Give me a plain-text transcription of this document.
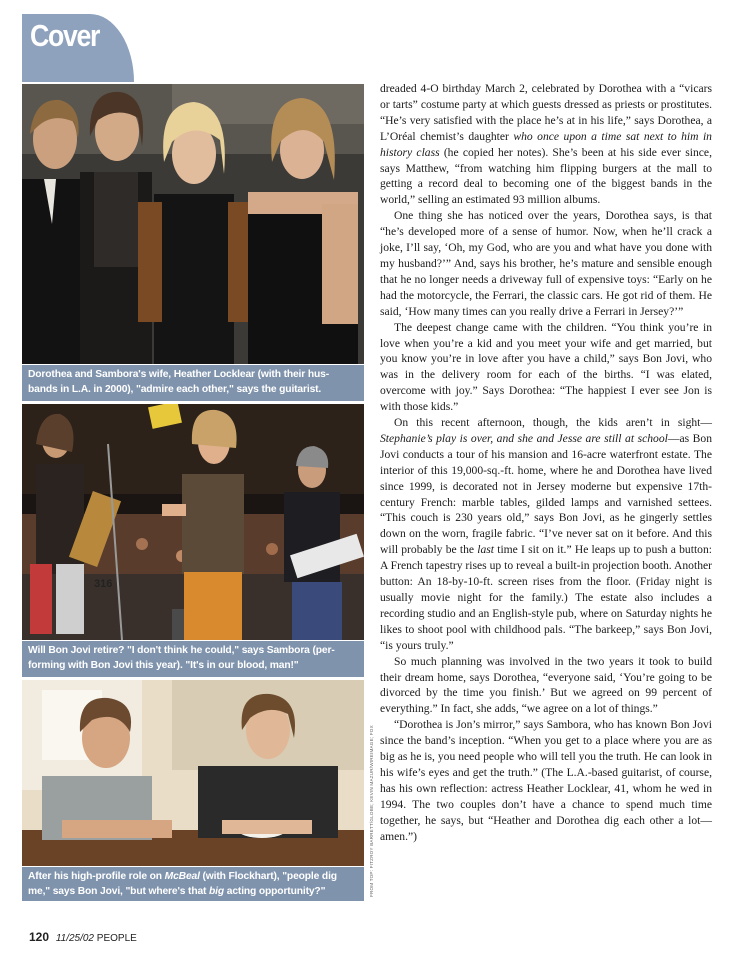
Cover
Dorothea and Sambora's wife, Heather Locklear (with their hus-
bands in L.A. in 2000), "admire each other," says the guitarist.
316
Will Bon Jovi retire? "I don't think he could," says Sambora (per-
forming with Bon Jovi this year). "It's in our blood, man!"
After his high-profile role on McBeal (with Flockhart), "people dig
me," says Bon Jovi, "but where's that big acting opportunity?"	FROM TOP: FITZROY BARRETT/GLOBE; KEVIN MAZUR/WIREIMAGE; FOX

dreaded 4-O birthday March 2, celebrated by Dorothea with a “vicars or tarts” costume party at which guests dressed as priests or prostitutes. “He’s very satisfied with the place he’s at in his life,” says Dorothea, a L’Oréal chemist’s daughter who once upon a time sat next to him in history class (he copied her notes). She’s been at his side ever since, says Matthew, “from watching him flipping burgers at the mall to getting a record deal to becoming one of the biggest bands in the world,” selling an estimated 93 million albums.

One thing she has noticed over the years, Dorothea says, is that “he’s developed more of a sense of humor. Now, when he’ll crack a joke, I’ll say, ‘Oh, my God, who are you and what have you done with my husband?’” And, says his brother, he’s mature and sensible enough that he no longer needs a driveway full of expensive toys: “Early on he had the motorcycle, the Ferrari, the classic cars. He got rid of them. He said, ‘How many times can you really drive a Ferrari in Jersey?’”

The deepest change came with the children. “You think you’re in love when you’re a kid and you meet your wife and get married, but you know you’re in love after you have a child,” says Bon Jovi, who was in the delivery room for each of the births. “I was elated, overcome with joy.” Says Dorothea: “The happiest I ever see Jon is with those kids.”

On this recent afternoon, though, the kids aren’t in sight—Stephanie’s play is over, and she and Jesse are still at school—as Bon Jovi conducts a tour of his mansion and 16-acre waterfront estate. The interior of this 19,000-sq.-ft. home, where he and Dorothea have lived since 1999, is decorated not in Jersey moderne but expensive 17th-century French: marble tables, gilded lamps and varnished settees. “This couch is 230 years old,” says Bon Jovi, as he gingerly settles down on the worn, fragile fabric. “I’ve never sat on it before. And this will probably be the last time I sit on it.” He leaps up to push a button: A French tapestry rises up to reveal a built-in projection booth. Another button: An 18-by-10-ft. screen rises from the floor. (Friday night is usually movie night for the family.) The estate also includes a recording studio and an English-style pub, where on Saturday nights he likes to shoot pool with childhood pals. “The barkeep,” says Bon Jovi, “is yours truly.”

So much planning was involved in the two years it took to build their dream home, says Dorothea, “everyone said, ‘You’re going to be divorced by the time you finish.’ But we agreed on 99 percent of everything.” In fact, she adds, “we agree on a lot of things.”

“Dorothea is Jon’s mirror,” says Sambora, who has known Bon Jovi since the band’s inception. “When you get to a place where you are as big as he is, you need people who will tell you the truth. He can look in his wife’s eyes and get the truth.” (The L.A.-based guitarist, of course, has his own reflection: actress Heather Locklear, 41, whom he wed in 1994. The two couples don’t have a chance to spend much time together, he says, but “Heather and Dorothea dig each other a lot—amen.”)

120 11/25/02 PEOPLE
